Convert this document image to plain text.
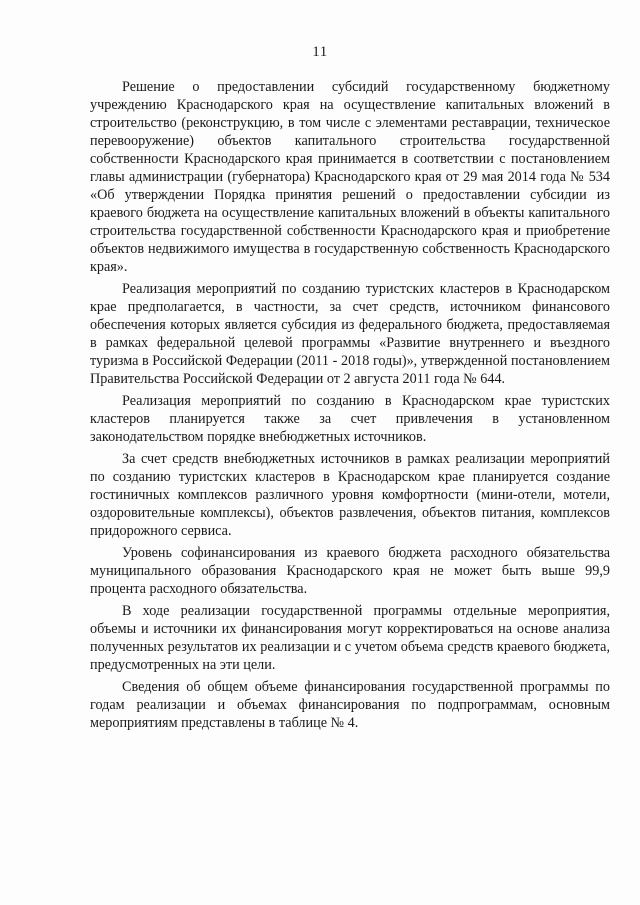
11

Решение о предоставлении субсидий государственному бюджетному учреждению Краснодарского края на осуществление капитальных вложений в строительство (реконструкцию, в том числе с элементами реставрации, техническое перевооружение) объектов капитального строительства государственной собственности Краснодарского края принимается в соответствии с постановлением главы администрации (губернатора) Краснодарского края от 29 мая 2014 года № 534 «Об утверждении Порядка принятия решений о предоставлении субсидии из краевого бюджета на осуществление капитальных вложений в объекты капитального строительства государственной собственности Краснодарского края и приобретение объектов недвижимого имущества в государственную собственность Краснодарского края».

Реализация мероприятий по созданию туристских кластеров в Краснодарском крае предполагается, в частности, за счет средств, источником финансового обеспечения которых является субсидия из федерального бюджета, предоставляемая в рамках федеральной целевой программы «Развитие внутреннего и въездного туризма в Российской Федерации (2011 - 2018 годы)», утвержденной постановлением Правительства Российской Федерации от 2 августа 2011 года № 644.

Реализация мероприятий по созданию в Краснодарском крае туристских кластеров планируется также за счет привлечения в установленном законодательством порядке внебюджетных источников.

За счет средств внебюджетных источников в рамках реализации мероприятий по созданию туристских кластеров в Краснодарском крае планируется создание гостиничных комплексов различного уровня комфортности (мини-отели, мотели, оздоровительные комплексы), объектов развлечения, объектов питания, комплексов придорожного сервиса.

Уровень софинансирования из краевого бюджета расходного обязательства муниципального образования Краснодарского края не может быть выше 99,9 процента расходного обязательства.

В ходе реализации государственной программы отдельные мероприятия, объемы и источники их финансирования могут корректироваться на основе анализа полученных результатов их реализации и с учетом объема средств краевого бюджета, предусмотренных на эти цели.

Сведения об общем объеме финансирования государственной программы по годам реализации и объемах финансирования по подпрограммам, основным мероприятиям представлены в таблице № 4.
